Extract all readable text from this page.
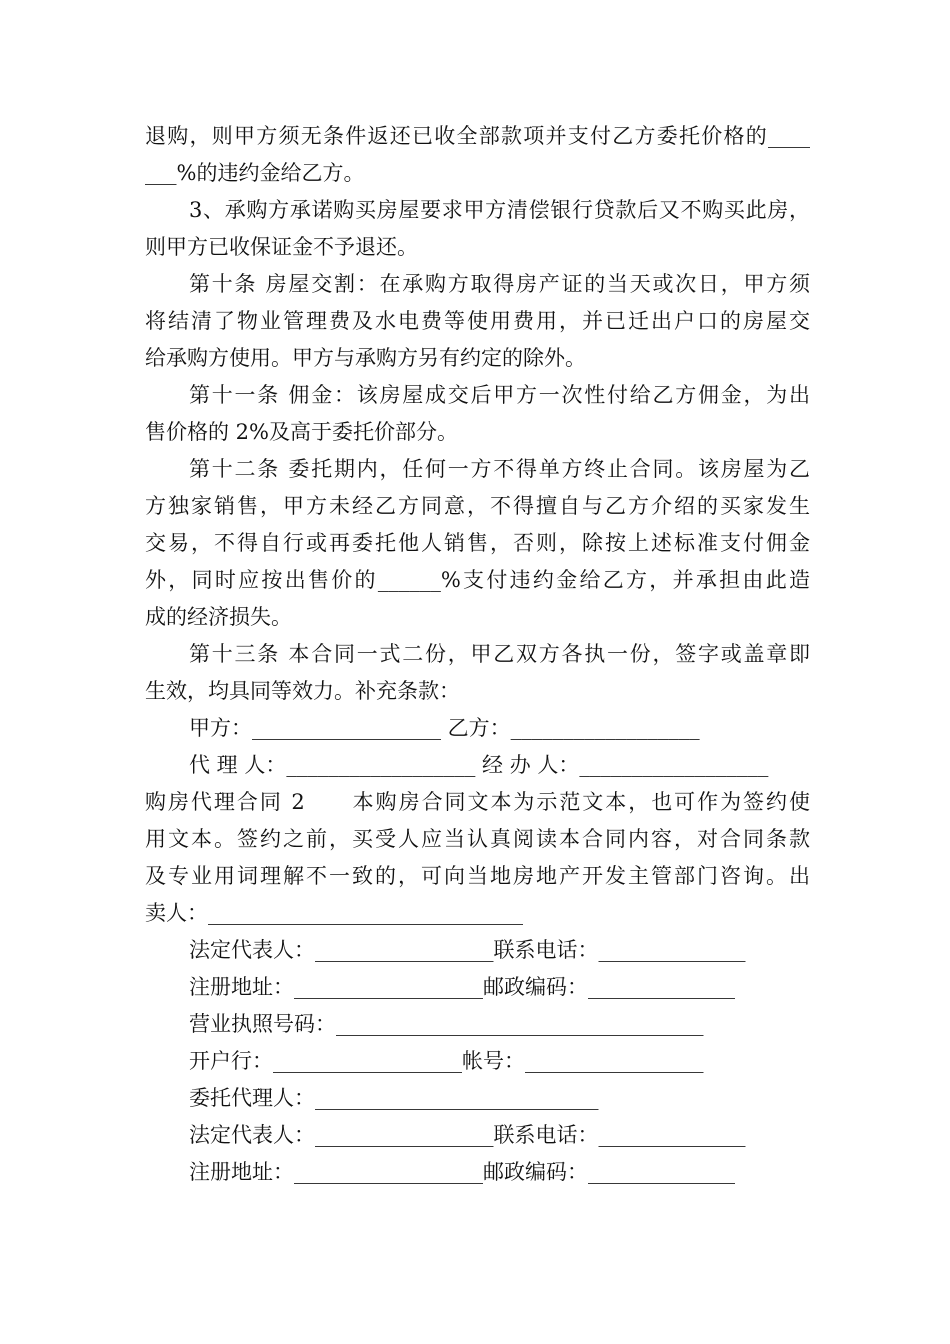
退购，则甲方须无条件返还已收全部款项并支付乙方委托价格的____
___%的违约金给乙方。
3、承购方承诺购买房屋要求甲方清偿银行贷款后又不购买此房，
则甲方已收保证金不予退还。
第十条 房屋交割：在承购方取得房产证的当天或次日，甲方须
将结清了物业管理费及水电费等使用费用，并已迁出户口的房屋交
给承购方使用。甲方与承购方另有约定的除外。
第十一条 佣金：该房屋成交后甲方一次性付给乙方佣金，为出
售价格的 2%及高于委托价部分。
第十二条 委托期内，任何一方不得单方终止合同。该房屋为乙
方独家销售，甲方未经乙方同意，不得擅自与乙方介绍的买家发生
交易，不得自行或再委托他人销售，否则，除按上述标准支付佣金
外，同时应按出售价的______%支付违约金给乙方，并承担由此造
成的经济损失。
第十三条 本合同一式二份，甲乙双方各执一份，签字或盖章即
生效，均具同等效力。补充条款：
甲方：__________________ 乙方：__________________
代 理 人：__________________ 经 办 人：__________________
购房代理合同 2　　本购房合同文本为示范文本，也可作为签约使
用文本。签约之前，买受人应当认真阅读本合同内容，对合同条款
及专业用词理解不一致的，可向当地房地产开发主管部门咨询。出
卖人：______________________________
法定代表人：_________________联系电话：______________
注册地址：__________________邮政编码：______________
营业执照号码：___________________________________
开户行：__________________帐号：_________________
委托代理人：___________________________
法定代表人：_________________联系电话：______________
注册地址：__________________邮政编码：______________
